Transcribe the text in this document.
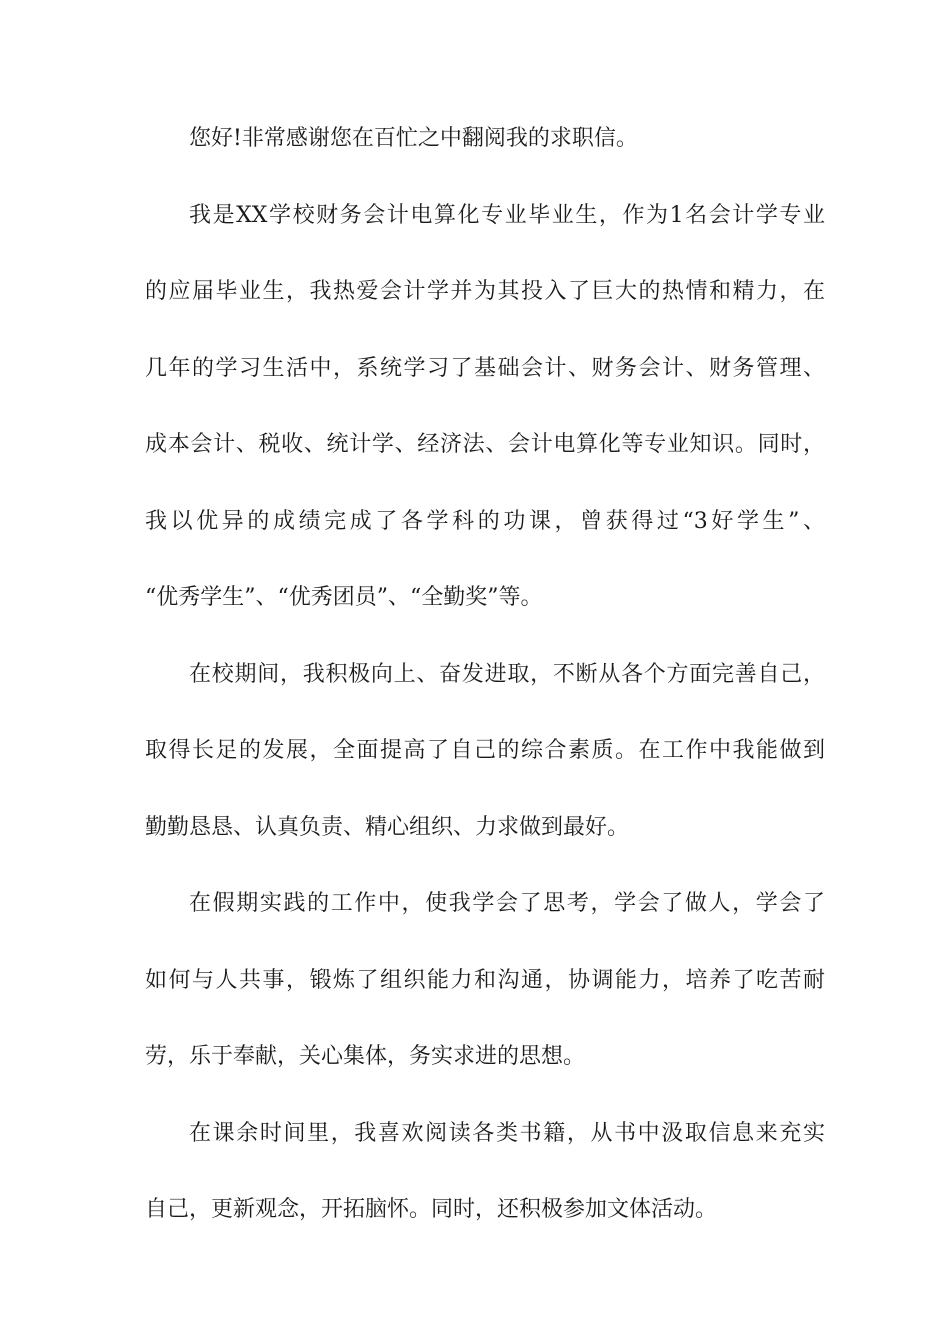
您好!非常感谢您在百忙之中翻阅我的求职信。
我是XX学校财务会计电算化专业毕业生，作为1名会计学专业
的应届毕业生，我热爱会计学并为其投入了巨大的热情和精力，在
几年的学习生活中，系统学习了基础会计、财务会计、财务管理、
成本会计、税收、统计学、经济法、会计电算化等专业知识。同时，
我以优异的成绩完成了各学科的功课，曾获得过“3好学生”、
“优秀学生”、“优秀团员”、“全勤奖”等。
在校期间，我积极向上、奋发进取，不断从各个方面完善自己，
取得长足的发展，全面提高了自己的综合素质。在工作中我能做到
勤勤恳恳、认真负责、精心组织、力求做到最好。
在假期实践的工作中，使我学会了思考，学会了做人，学会了
如何与人共事，锻炼了组织能力和沟通，协调能力，培养了吃苦耐
劳，乐于奉献，关心集体，务实求进的思想。
在课余时间里，我喜欢阅读各类书籍，从书中汲取信息来充实
自己，更新观念，开拓脑怀。同时，还积极参加文体活动。
